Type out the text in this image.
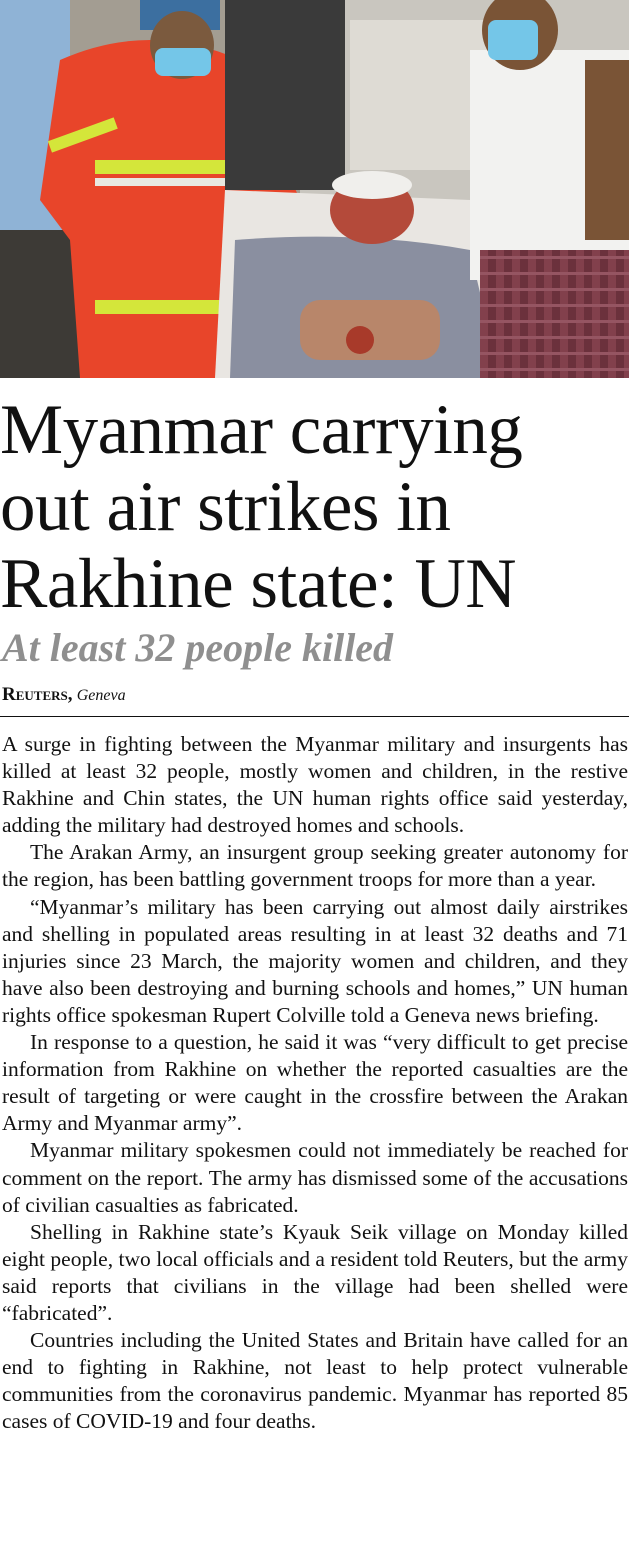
Myanmar carrying
out air strikes in
Rakhine state: UN
At least 32 people killed
Reuters, Geneva

A surge in fighting between the Myanmar military and insurgents has killed at least 32 people, mostly women and children, in the restive Rakhine and Chin states, the UN human rights office said yesterday, adding the military had destroyed homes and schools.

The Arakan Army, an insurgent group seeking greater autonomy for the region, has been battling government troops for more than a year.

“Myanmar’s military has been carrying out almost daily airstrikes and shelling in populated areas resulting in at least 32 deaths and 71 injuries since 23 March, the majority women and children, and they have also been destroying and burning schools and homes,” UN human rights office spokesman Rupert Colville told a Geneva news briefing.

In response to a question, he said it was “very difficult to get precise information from Rakhine on whether the reported casualties are the result of targeting or were caught in the crossfire between the Arakan Army and Myanmar army”.

Myanmar military spokesmen could not immediately be reached for comment on the report. The army has dismissed some of the accusations of civilian casualties as fabricated.

Shelling in Rakhine state’s Kyauk Seik village on Monday killed eight people, two local officials and a resident told Reuters, but the army said reports that civilians in the village had been shelled were “fabricated”.

Countries including the United States and Britain have called for an end to fighting in Rakhine, not least to help protect vulnerable communities from the coronavirus pandemic. Myanmar has reported 85 cases of COVID-19 and four deaths.
